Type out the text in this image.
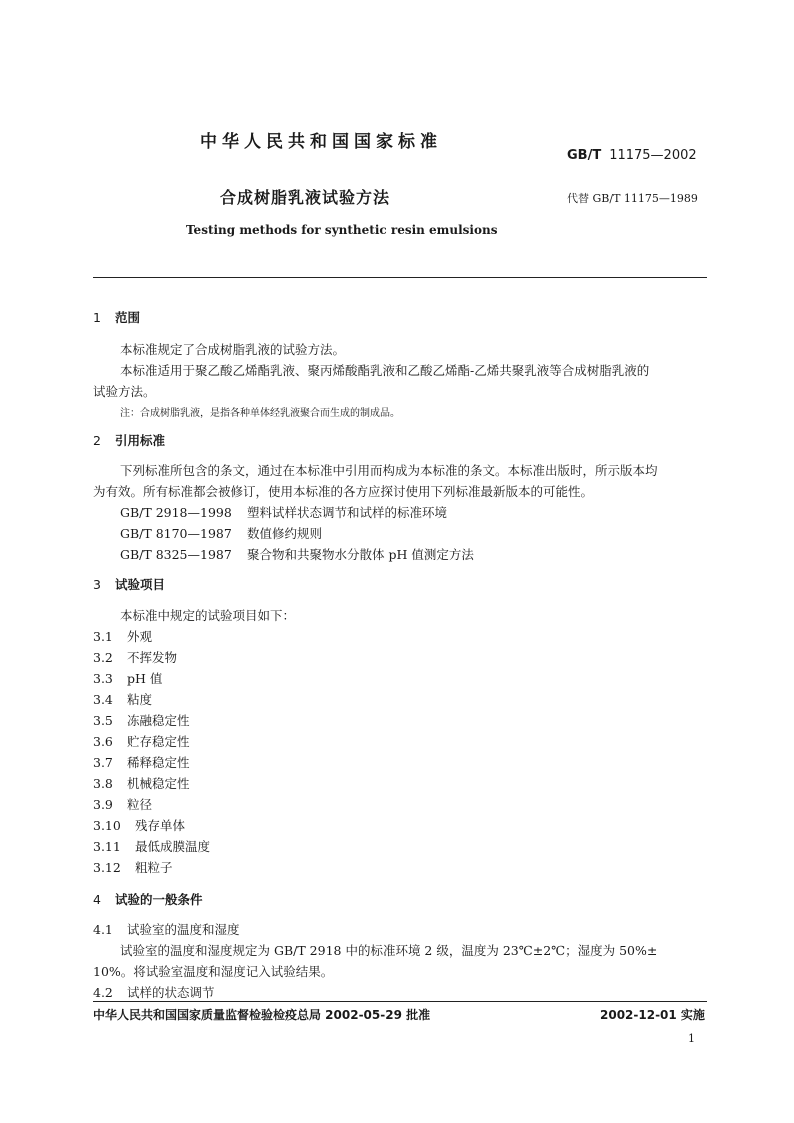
中华人民共和国国家标准
GB/T 11175—2002
合成树脂乳液试验方法	代替 GB/T 11175—1989
Testing methods for synthetic resin emulsions
1 范围
本标准规定了合成树脂乳液的试验方法。
本标准适用于聚乙酸乙烯酯乳液、聚丙烯酸酯乳液和乙酸乙烯酯-乙烯共聚乳液等合成树脂乳液的
试验方法。
注：合成树脂乳液，是指各种单体经乳液聚合而生成的制成品。
2 引用标准
下列标准所包含的条文，通过在本标准中引用而构成为本标准的条文。本标准出版时，所示版本均
为有效。所有标准都会被修订，使用本标准的各方应探讨使用下列标准最新版本的可能性。
GB/T 2918—1998 塑料试样状态调节和试样的标准环境
GB/T 8170—1987 数值修约规则
GB/T 8325—1987 聚合物和共聚物水分散体 pH 值测定方法
3 试验项目
本标准中规定的试验项目如下：
3.1 外观
3.2 不挥发物
3.3 pH 值
3.4 粘度
3.5 冻融稳定性
3.6 贮存稳定性
3.7 稀释稳定性
3.8 机械稳定性
3.9 粒径
3.10 残存单体
3.11 最低成膜温度
3.12 粗粒子
4 试验的一般条件
4.1 试验室的温度和湿度
试验室的温度和湿度规定为 GB/T 2918 中的标准环境 2 级，温度为 23℃±2℃；湿度为 50%±
10%。将试验室温度和湿度记入试验结果。
4.2 试样的状态调节
中华人民共和国国家质量监督检验检疫总局 2002-05-29 批准	2002-12-01 实施
1
